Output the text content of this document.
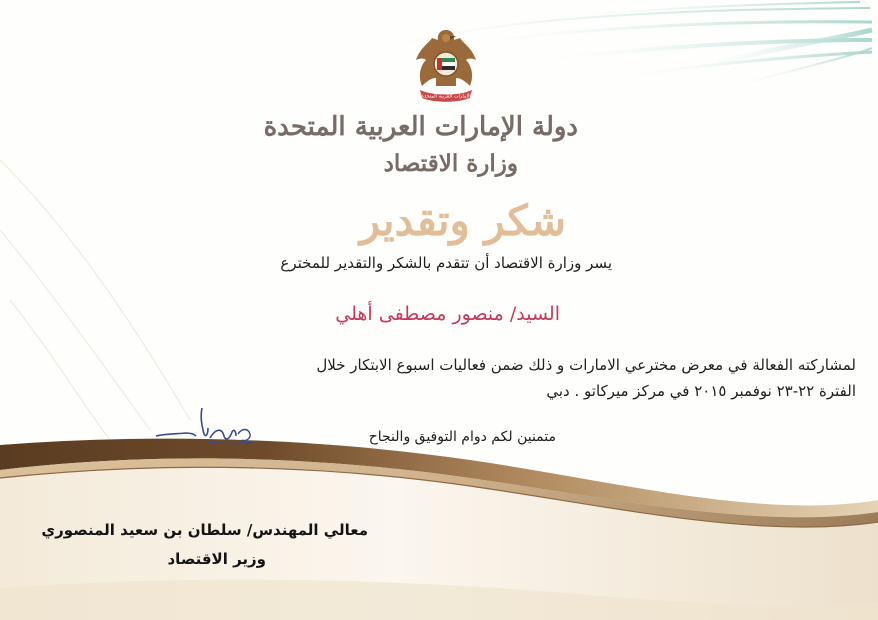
الإمارات العربية المتحدة
دولة الإمارات العربية المتحدة
وزارة الاقتصاد
شكر وتقدير
يسر وزارة الاقتصاد أن تتقدم بالشكر والتقدير للمخترع
السيد/ منصور مصطفى أهلي
لمشاركته الفعالة في معرض مخترعي الامارات و ذلك ضمن فعاليات اسبوع الابتكار خلال
الفترة ٢٢-٢٣ نوفمبر ٢٠١٥ في مركز ميركاتو . دبي
متمنين لكم دوام التوفيق والنجاح
معالي المهندس/ سلطان بن سعيد المنصوري
وزير الاقتصاد
